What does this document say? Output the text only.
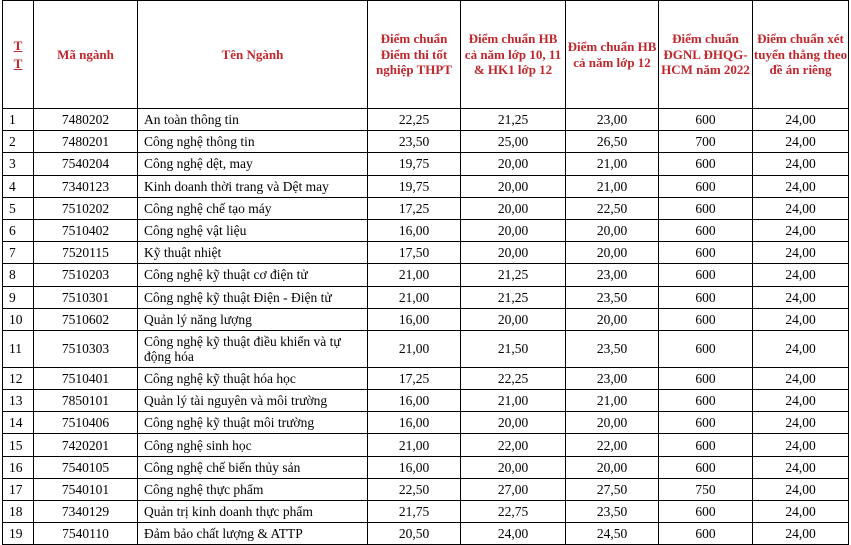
T T	Mã ngành	Tên Ngành	Điểm chuẩn Điểm thi tốt nghiệp THPT	Điểm chuẩn HB cả năm lớp 10, 11 & HK1 lớp 12	Điểm chuẩn HB cả năm lớp 12	Điểm chuẩn ĐGNL ĐHQG-HCM năm 2022	Điểm chuẩn xét tuyển thẳng theo đề án riêng
1	7480202	An toàn thông tin	22,25	21,25	23,00	600	24,00
2	7480201	Công nghệ thông tin	23,50	25,00	26,50	700	24,00
3	7540204	Công nghệ dệt, may	19,75	20,00	21,00	600	24,00
4	7340123	Kinh doanh thời trang và Dệt may	19,75	20,00	21,00	600	24,00
5	7510202	Công nghệ chế tạo máy	17,25	20,00	22,50	600	24,00
6	7510402	Công nghệ vật liệu	16,00	20,00	20,00	600	24,00
7	7520115	Kỹ thuật nhiệt	17,50	20,00	20,00	600	24,00
8	7510203	Công nghệ kỹ thuật cơ điện tử	21,00	21,25	23,00	600	24,00
9	7510301	Công nghệ kỹ thuật Điện - Điện tử	21,00	21,25	23,50	600	24,00
10	7510602	Quản lý năng lượng	16,00	20,00	20,00	600	24,00
11	7510303	Công nghệ kỹ thuật điều khiển và tự động hóa	21,00	21,50	23,50	600	24,00
12	7510401	Công nghệ kỹ thuật hóa học	17,25	22,25	23,00	600	24,00
13	7850101	Quản lý tài nguyên và môi trường	16,00	21,00	21,00	600	24,00
14	7510406	Công nghệ kỹ thuật môi trường	16,00	20,00	20,00	600	24,00
15	7420201	Công nghệ sinh học	21,00	22,00	22,00	600	24,00
16	7540105	Công nghệ chế biến thủy sản	16,00	20,00	20,00	600	24,00
17	7540101	Công nghệ thực phẩm	22,50	27,00	27,50	750	24,00
18	7340129	Quản trị kinh doanh thực phẩm	21,75	22,75	23,50	600	24,00
19	7540110	Đảm bảo chất lượng & ATTP	20,50	24,00	24,50	600	24,00
